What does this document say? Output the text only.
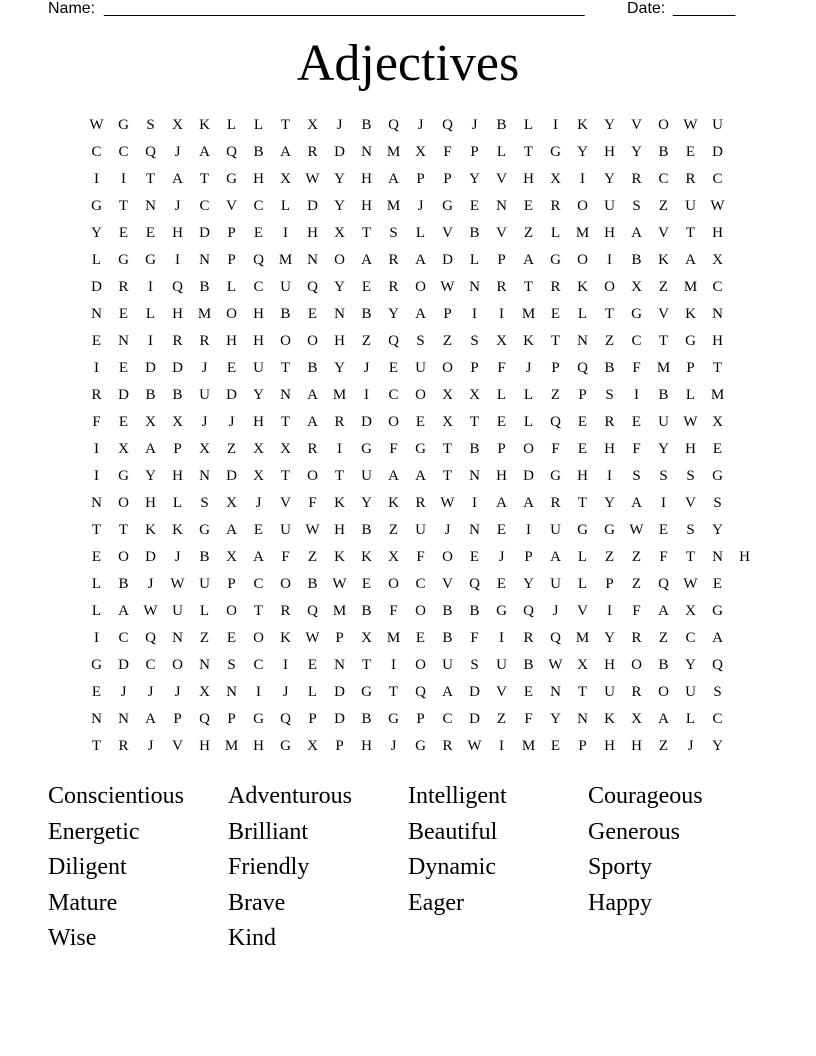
Name: ______________________________________________________	Date: _______
Adjectives
W G	S	X	K	L	L	T	X	J	B	Q	J	Q	J	B	L	I	K	Y	V	O W U
C	C	Q	J	A	Q	B	A	R	D	N M X	F	P	L	T	G	Y	H	Y	B	E	D
I	I	T	A	T	G	H	X W Y	H	A	P	P	Y	V	H	X	I	Y	R	C	R	C
G	T	N	J	C	V	C	L	D	Y	H M	J	G	E	N	E	R	O	U	S	Z	U W
Y	E	E	H	D	P	E	I	H	X	T	S	L	V	B	V	Z	L	M H	A	V	T	H
L	G	G	I	N	P	Q M N	O	A	R	A	D	L	P	A	G	O	I	B	K	A	X
D	R	I	Q	B	L	C	U	Q	Y	E	R	O W N	R	T	R	K	O	X	Z	M	C
N	E	L	H M O	H	B	E	N	B	Y	A	P	I	I	M	E	L	T	G	V	K	N
E	N	I	R	R	H	H	O	O	H	Z	Q	S	Z	S	X	K	T	N	Z	C	T	G	H
I	E	D	D	J	E	U	T	B	Y	J	E	U	O	P	F	J	P	Q	B	F	M	P	T
R	D	B	B	U	D	Y	N	A M	I	C	O	X	X	L	L	Z	P	S	I	B	L	M
F	E	X	X	J	J	H	T	A	R	D	O	E	X	T	E	L	Q	E	R	E	U W X
I	X	A	P	X	Z	X	X	R	I	G	F	G	T	B	P	O	F	E	H	F	Y	H	E
I	G	Y	H	N	D	X	T	O	T	U	A	A	T	N	H	D	G	H	I	S	S	S	G
N	O	H	L	S	X	J	V	F	K	Y	K	R W	I	A	A	R	T	Y	A	I	V	S
T	T	K	K	G	A	E	U W H	B	Z	U	J	N	E	I	U	G	G W	E	S	Y
E	O	D	J	B	X	A	F	Z	K	K	X	F	O	E	J	P	A	L	Z	Z	F	T	N	H
L	B	J	W U	P	C	O	B W	E	O	C	V	Q	E	Y	U	L	P	Z	Q W	E
L	A W U	L	O	T	R	Q M	B	F	O	B	B	G	Q	J	V	I	F	A	X	G
I	C	Q	N	Z	E	O	K W	P	X M	E	B	F	I	R	Q M Y	R	Z	C	A
G	D	C	O	N	S	C	I	E	N	T	I	O	U	S	U	B W X	H	O	B	Y	Q
E	J	J	J	X	N	I	J	L	D	G	T	Q	A	D	V	E	N	T	U	R	O	U	S
N	N	A	P	Q	P	G	Q	P	D	B	G	P	C	D	Z	F	Y	N	K	X	A	L	C
T	R	J	V	H M H	G	X	P	H	J	G	R W	I	M	E	P	H	H	Z	J	Y
Conscientious	Adventurous	Intelligent	Courageous
Energetic	Brilliant	Beautiful	Generous
Diligent	Friendly	Dynamic	Sporty
Mature	Brave	Eager	Happy
Wise	Kind
